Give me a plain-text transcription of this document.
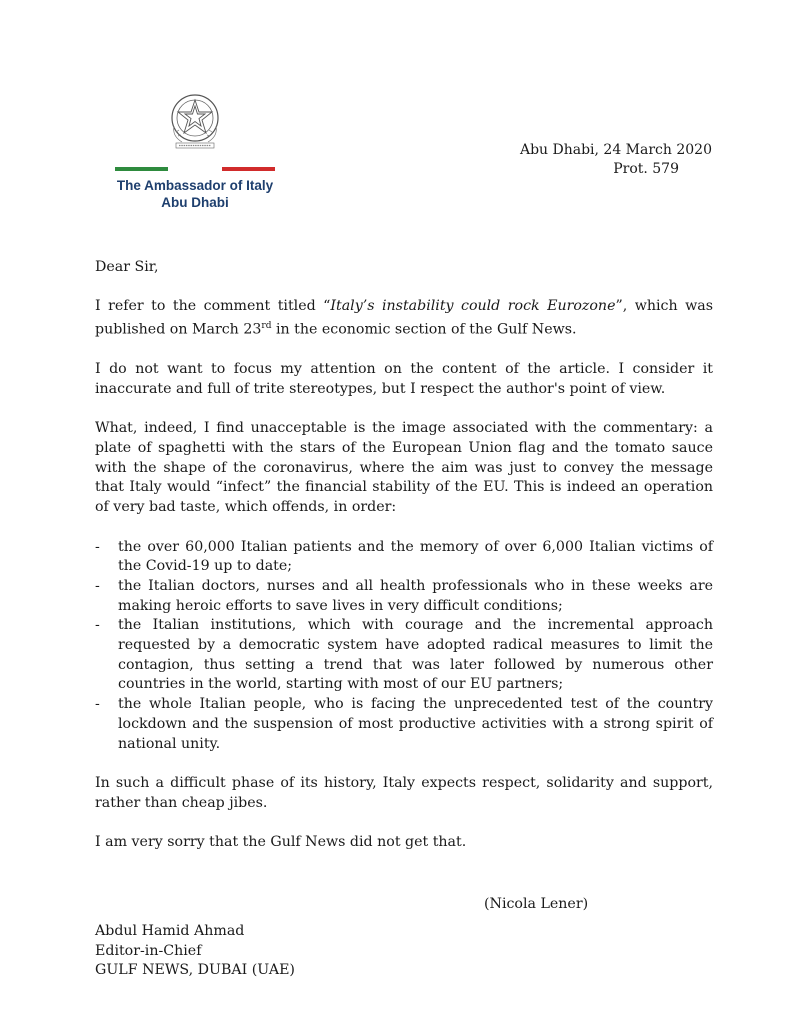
The Ambassador of Italy
Abu Dhabi
Abu Dhabi, 24 March 2020
Prot. 579

Dear Sir,

I refer to the comment titled “Italy’s instability could rock Eurozone”, which was published on March 23rd in the economic section of the Gulf News.

I do not want to focus my attention on the content of the article. I consider it inaccurate and full of trite stereotypes, but I respect the author's point of view.

What, indeed, I find unacceptable is the image associated with the commentary: a plate of spaghetti with the stars of the European Union flag and the tomato sauce with the shape of the coronavirus, where the aim was just to convey the message that Italy would “infect” the financial stability of the EU. This is indeed an operation of very bad taste, which offends, in order:

- the over 60,000 Italian patients and the memory of over 6,000 Italian victims of the Covid-19 up to date;
- the Italian doctors, nurses and all health professionals who in these weeks are making heroic efforts to save lives in very difficult conditions;
- the Italian institutions, which with courage and the incremental approach requested by a democratic system have adopted radical measures to limit the contagion, thus setting a trend that was later followed by numerous other countries in the world, starting with most of our EU partners;
- the whole Italian people, who is facing the unprecedented test of the country lockdown and the suspension of most productive activities with a strong spirit of national unity.

In such a difficult phase of its history, Italy expects respect, solidarity and support, rather than cheap jibes.

I am very sorry that the Gulf News did not get that.

(Nicola Lener)
Abdul Hamid Ahmad
Editor-in-Chief
GULF NEWS, DUBAI (UAE)
